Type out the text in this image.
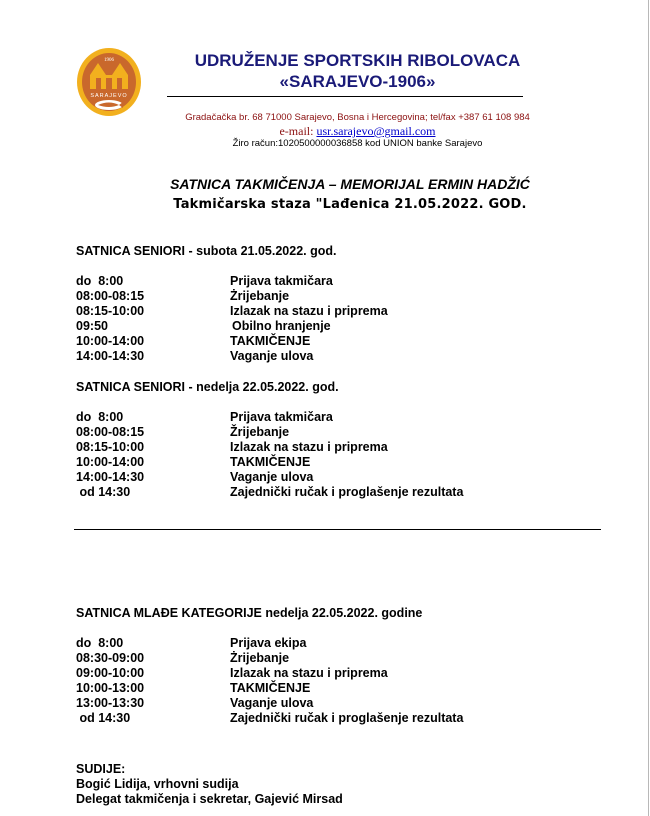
1906
SARAJEVO
UDRUŽENJE SPORTSKIH RIBOLOVACA
«SARAJEVO-1906»
Gradačačka br. 68 71000 Sarajevo, Bosna i Hercegovina; tel/fax +387 61 108 984
e-mail: usr.sarajevo@gmail.com
Žiro račun:1020500000036858 kod UNION banke Sarajevo
SATNICA TAKMIČENJA – MEMORIJAL ERMIN HADŽIĆ
Takmičarska staza "Lađenica 21.05.2022. GOD.
SATNICA SENIORI - subota 21.05.2022. god.
do  8:00	Prijava takmičara
08:00-08:15	Żrijebanje
08:15-10:00	Izlazak na stazu i priprema
09:50	Obilno hranjenje
10:00-14:00	TAKMIČENJE
14:00-14:30	Vaganje ulova
SATNICA SENIORI - nedelja 22.05.2022. god.
do  8:00	Prijava takmičara
08:00-08:15	Žrijebanje
08:15-10:00	Izlazak na stazu i priprema
10:00-14:00	TAKMIČENJE
14:00-14:30	Vaganje ulova
od 14:30	Zajednički ručak i proglašenje rezultata
SATNICA MLAĐE KATEGORIJE nedelja 22.05.2022. godine
do  8:00	Prijava ekipa
08:30-09:00	Żrijebanje
09:00-10:00	Izlazak na stazu i priprema
10:00-13:00	TAKMIČENJE
13:00-13:30	Vaganje ulova
od 14:30	Zajednički ručak i proglašenje rezultata
SUDIJE:
Bogić Lidija, vrhovni sudija
Delegat takmičenja i sekretar, Gajević Mirsad
